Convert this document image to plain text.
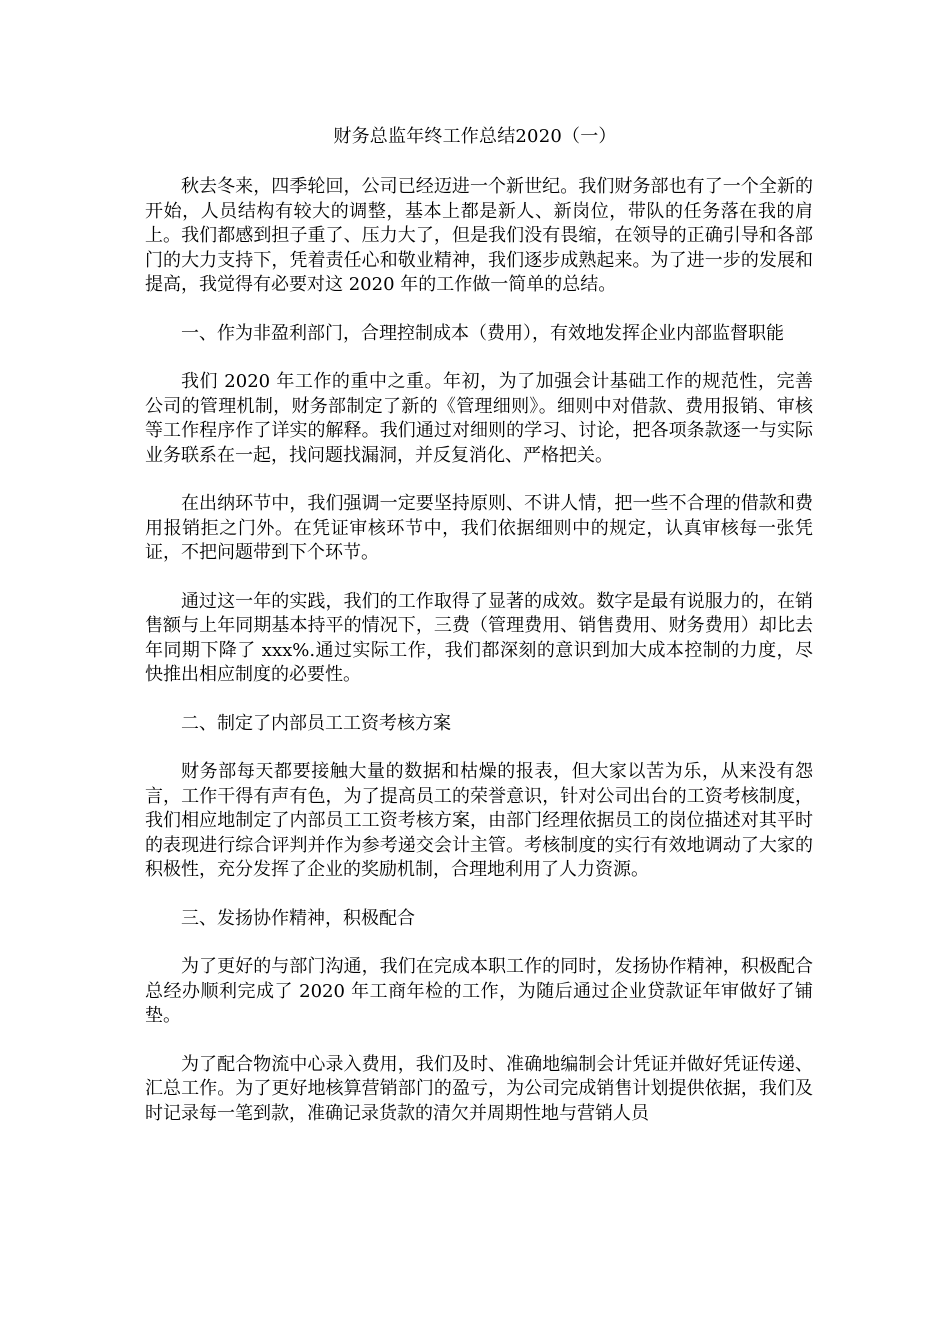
财务总监年终工作总结2020（一）

秋去冬来，四季轮回，公司已经迈进一个新世纪。我们财务部也有了一个全新的开始，人员结构有较大的调整，基本上都是新人、新岗位，带队的任务落在我的肩上。我们都感到担子重了、压力大了，但是我们没有畏缩，在领导的正确引导和各部门的大力支持下，凭着责任心和敬业精神，我们逐步成熟起来。为了进一步的发展和提高，我觉得有必要对这 2020 年的工作做一简单的总结。

一、作为非盈利部门，合理控制成本（费用），有效地发挥企业内部监督职能

我们 2020 年工作的重中之重。年初，为了加强会计基础工作的规范性，完善公司的管理机制，财务部制定了新的《管理细则》。细则中对借款、费用报销、审核等工作程序作了详实的解释。我们通过对细则的学习、讨论，把各项条款逐一与实际业务联系在一起，找问题找漏洞，并反复消化、严格把关。

在出纳环节中，我们强调一定要坚持原则、不讲人情，把一些不合理的借款和费用报销拒之门外。在凭证审核环节中，我们依据细则中的规定，认真审核每一张凭证，不把问题带到下个环节。

通过这一年的实践，我们的工作取得了显著的成效。数字是最有说服力的，在销售额与上年同期基本持平的情况下，三费（管理费用、销售费用、财务费用）却比去年同期下降了 xxx%.通过实际工作，我们都深刻的意识到加大成本控制的力度，尽快推出相应制度的必要性。

二、制定了内部员工工资考核方案

财务部每天都要接触大量的数据和枯燥的报表，但大家以苦为乐，从来没有怨言，工作干得有声有色，为了提高员工的荣誉意识，针对公司出台的工资考核制度，我们相应地制定了内部员工工资考核方案，由部门经理依据员工的岗位描述对其平时的表现进行综合评判并作为参考递交会计主管。考核制度的实行有效地调动了大家的积极性，充分发挥了企业的奖励机制，合理地利用了人力资源。

三、发扬协作精神，积极配合

为了更好的与部门沟通，我们在完成本职工作的同时，发扬协作精神，积极配合总经办顺利完成了 2020 年工商年检的工作，为随后通过企业贷款证年审做好了铺垫。

为了配合物流中心录入费用，我们及时、准确地编制会计凭证并做好凭证传递、汇总工作。为了更好地核算营销部门的盈亏，为公司完成销售计划提供依据，我们及时记录每一笔到款，准确记录货款的清欠并周期性地与营销人员
